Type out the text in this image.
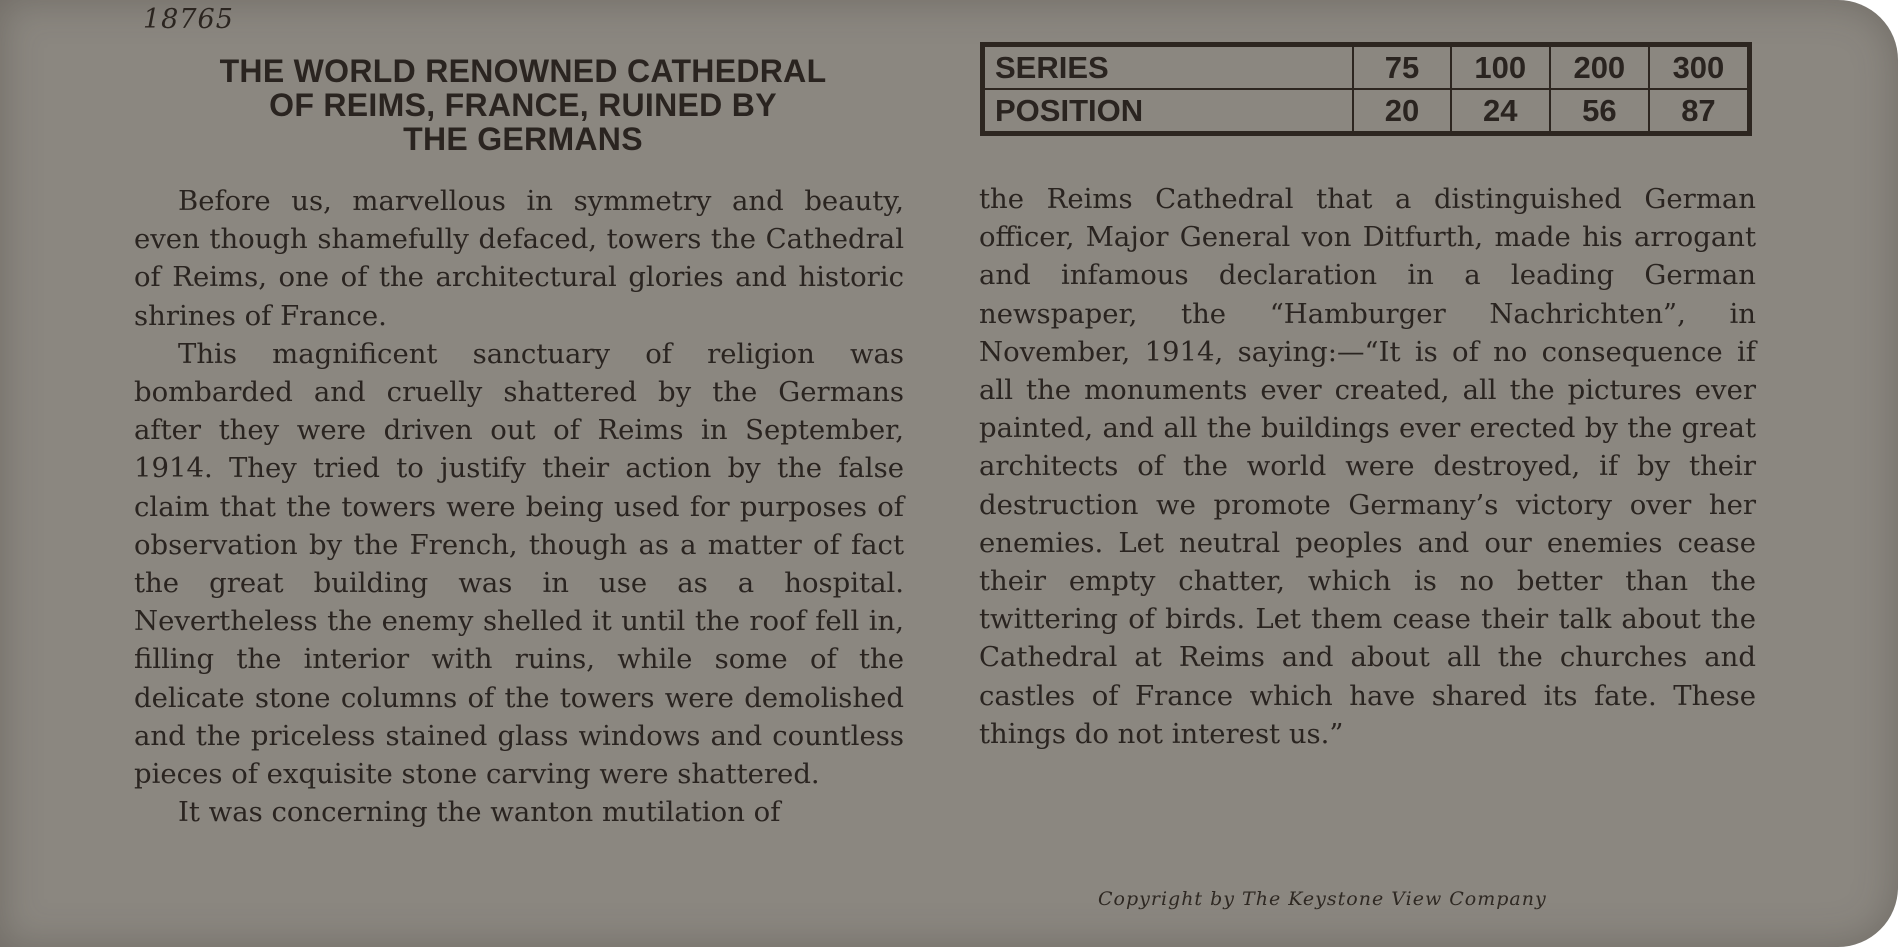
18765
THE WORLD RENOWNED CATHEDRAL
OF REIMS, FRANCE, RUINED BY
THE GERMANS
SERIES	75	100	200	300
POSITION	20	24	56	87

Before us, marvellous in symmetry and beauty, even though shamefully defaced, towers the Cathedral of Reims, one of the architectural glories and historic shrines of France.

This magnificent sanctuary of religion was bombarded and cruelly shattered by the Germans after they were driven out of Reims in September, 1914. They tried to justify their action by the false claim that the towers were being used for purposes of observation by the French, though as a matter of fact the great building was in use as a hospital. Nevertheless the enemy shelled it until the roof fell in, filling the interior with ruins, while some of the delicate stone columns of the towers were demolished and the priceless stained glass windows and countless pieces of exquisite stone carving were shattered.

It was concerning the wanton mutilation of

the Reims Cathedral that a distinguished German officer, Major General von Ditfurth, made his arrogant and infamous declaration in a leading German newspaper, the “Hamburger Nachrichten”, in November, 1914, saying:—“It is of no consequence if all the monuments ever created, all the pictures ever painted, and all the buildings ever erected by the great architects of the world were destroyed, if by their destruction we promote Germany’s victory over her enemies. Let neutral peoples and our enemies cease their empty chatter, which is no better than the twittering of birds. Let them cease their talk about the Cathedral at Reims and about all the churches and castles of France which have shared its fate. These things do not interest us.”

Copyright by The Keystone View Company
